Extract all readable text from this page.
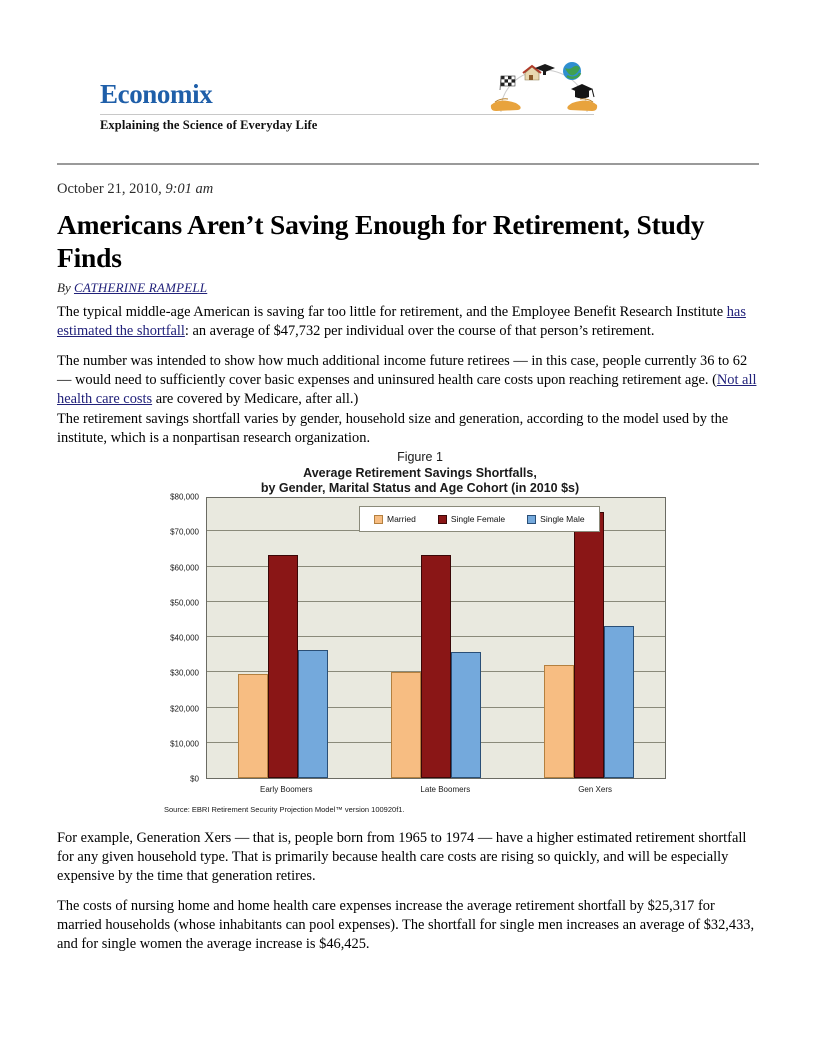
Economix
Explaining the Science of Everyday Life
October 21, 2010, 9:01 am
Americans Aren’t Saving Enough for Retirement, Study Finds
By CATHERINE RAMPELL

The typical middle-age American is saving far too little for retirement, and the Employee Benefit Research Institute has estimated the shortfall: an average of $47,732 per individual over the course of that person’s retirement.

The number was intended to show how much additional income future retirees — in this case, people currently 36 to 62 — would need to sufficiently cover basic expenses and uninsured health care costs upon reaching retirement age. (Not all health care costs are covered by Medicare, after all.)

The retirement savings shortfall varies by gender, household size and generation, according to the model used by the institute, which is a nonpartisan research organization.

Figure 1
Average Retirement Savings Shortfalls,
by Gender, Marital Status and Age Cohort (in 2010 $s)
$0
$10,000
$20,000
$30,000
$40,000
$50,000
$60,000
$70,000
$80,000
Married	Single Female	Single Male
Early Boomers	Late Boomers	Gen Xers
Source: EBRI Retirement Security Projection Model™ version 100920f1.

For example, Generation Xers — that is, people born from 1965 to 1974 — have a higher estimated retirement shortfall for any given household type. That is primarily because health care costs are rising so quickly, and will be especially expensive by the time that generation retires.

The costs of nursing home and home health care expenses increase the average retirement shortfall by $25,317 for married households (whose inhabitants can pool expenses). The shortfall for single men increases an average of $32,433, and for single women the average increase is $46,425.
